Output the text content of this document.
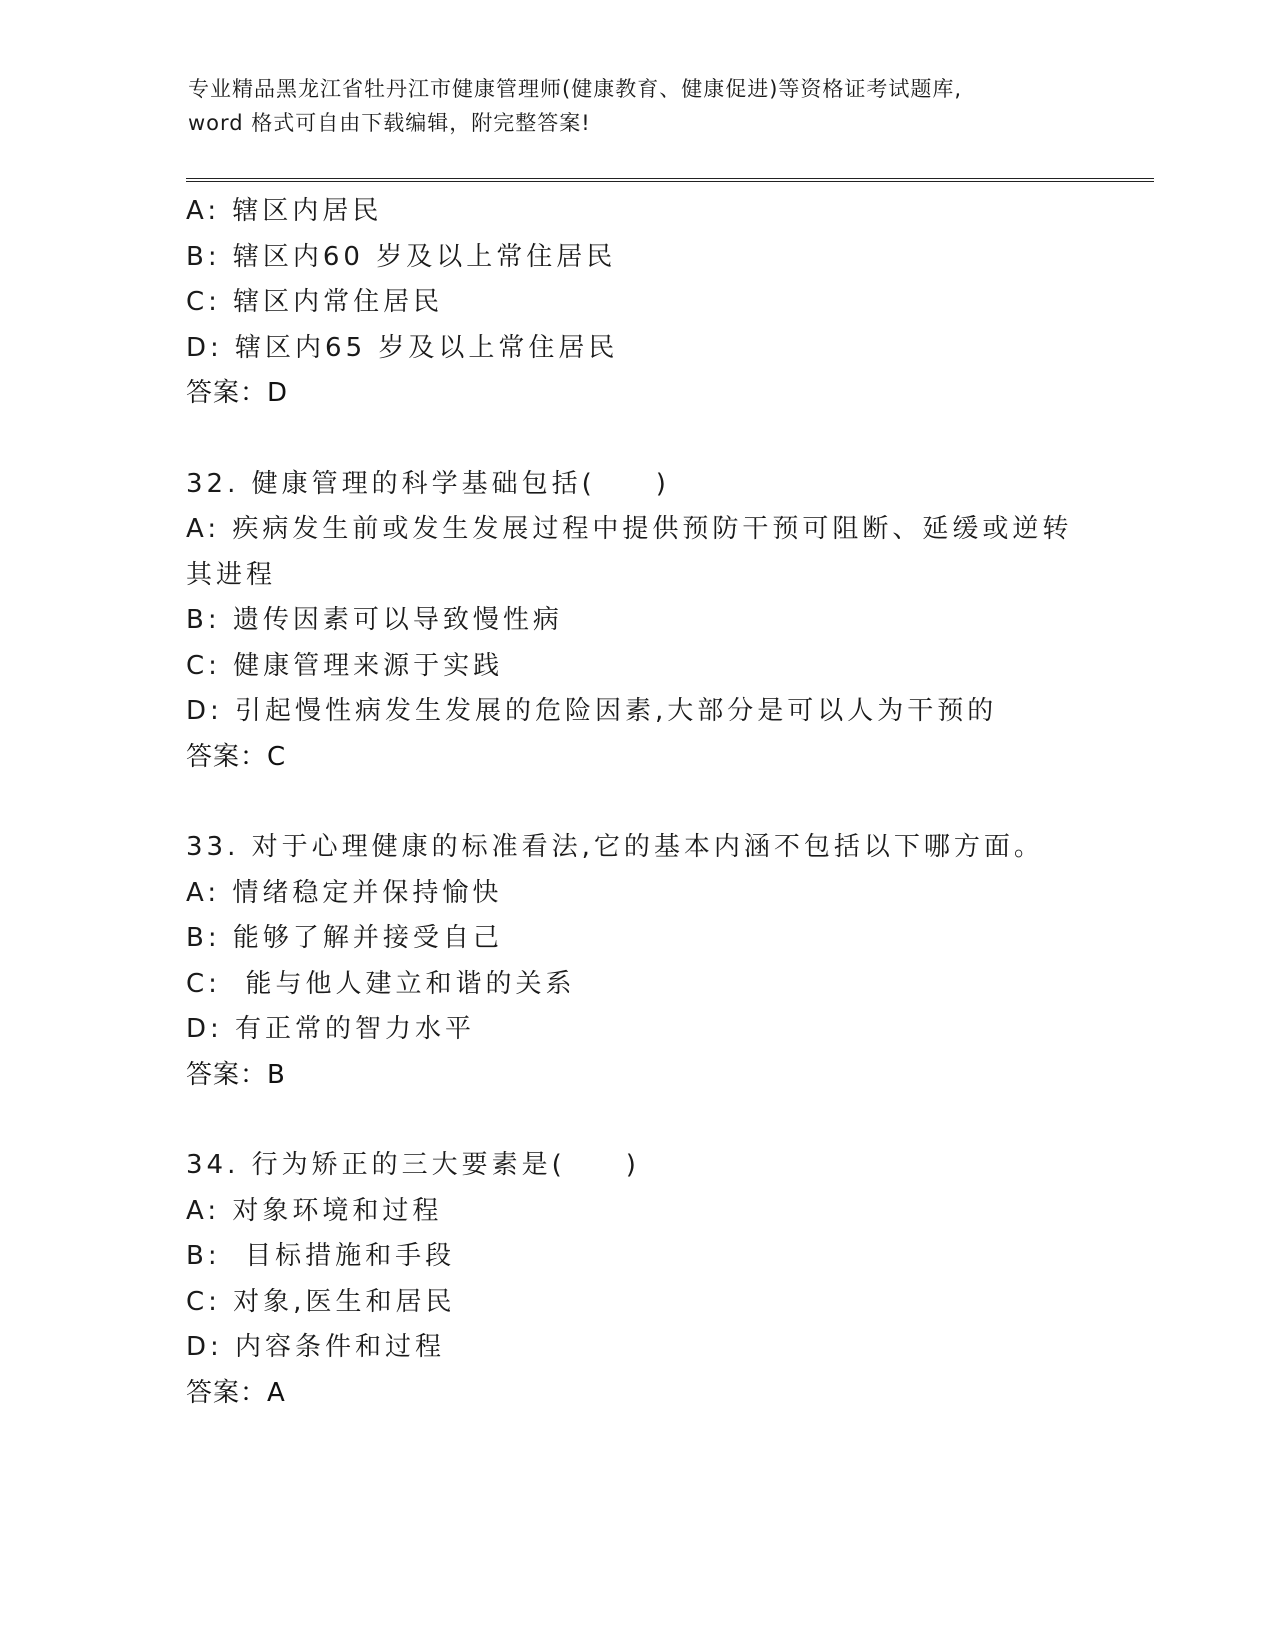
专业精品黑龙江省牡丹江市健康管理师(健康教育、健康促进)等资格证考试题库,
word 格式可自由下载编辑，附完整答案!
A: 辖区内居民
B: 辖区内60 岁及以上常住居民
C: 辖区内常住居民
D: 辖区内65 岁及以上常住居民
答案：D
32. 健康管理的科学基础包括(　　)
A: 疾病发生前或发生发展过程中提供预防干预可阻断、延缓或逆转其进程
B: 遗传因素可以导致慢性病
C: 健康管理来源于实践
D: 引起慢性病发生发展的危险因素,大部分是可以人为干预的
答案：C
33. 对于心理健康的标准看法,它的基本内涵不包括以下哪方面。
A: 情绪稳定并保持愉快
B: 能够了解并接受自己
C:  能与他人建立和谐的关系
D: 有正常的智力水平
答案：B
34. 行为矫正的三大要素是(　　)
A: 对象环境和过程
B:  目标措施和手段
C: 对象,医生和居民
D: 内容条件和过程
答案：A
